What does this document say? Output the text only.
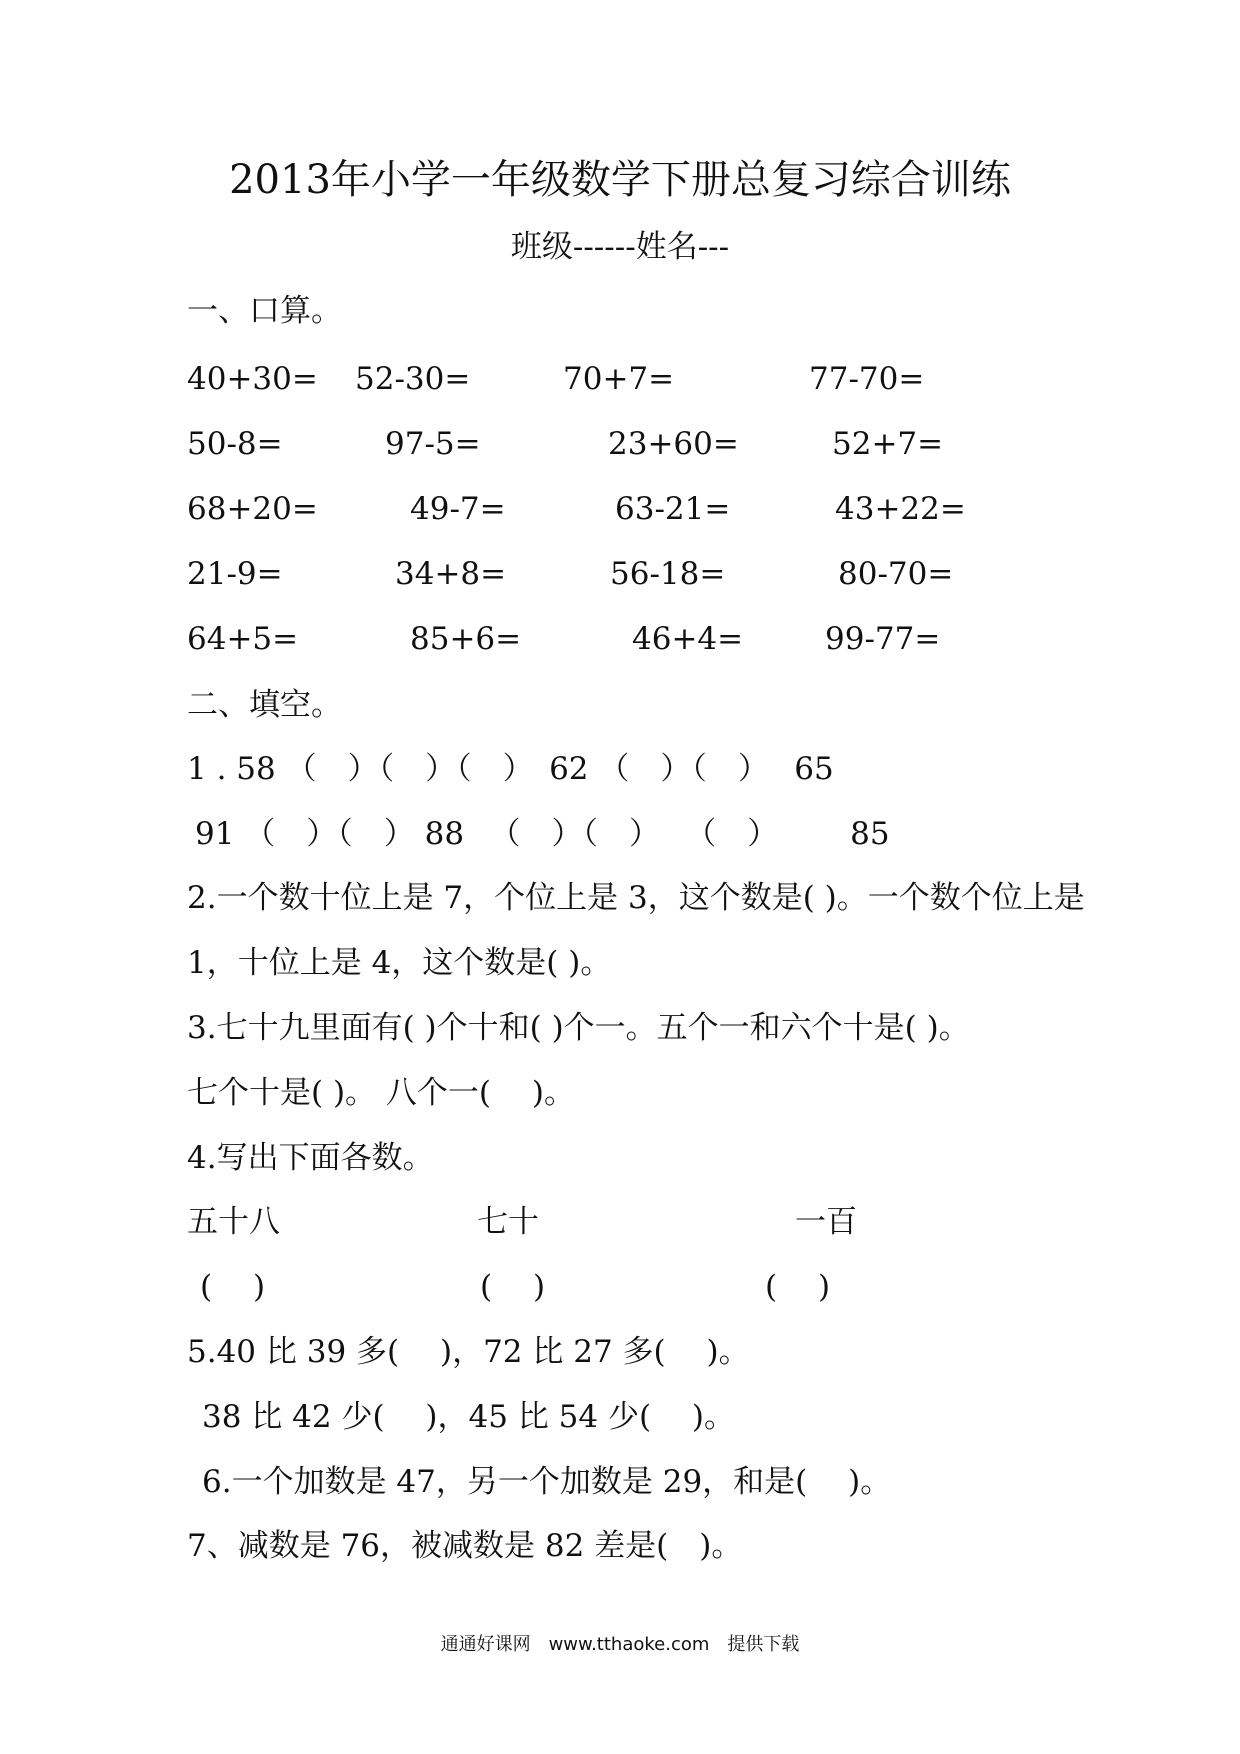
2013年小学一年级数学下册总复习综合训练
班级------姓名---
一、口算。
40+30= 52-30=	70+7=	77-70=
50-8=	97-5=	23+60=	52+7=
68+20=	49-7=	63-21=	43+22=
21-9=	34+8=	56-18=	80-70=
64+5=	85+6=	46+4=	99-77=
二、填空。
1 . 58 （　）（　）（　）　62 （　）（　）　 65
91 （　）（　） 88 　（　）（　） 　（　） 　　85
2.一个数十位上是 7，个位上是 3，这个数是( )。一个数个位上是
1，十位上是 4，这个数是( )。
3.七十九里面有( )个十和( )个一。五个一和六个十是( )。
七个十是( )。 八个一(　 )。
4.写出下面各数。
五十八	七十	一百
(　 )	(　 )	(　 )
5.40 比 39 多(　 )，72 比 27 多(　 )。
38 比 42 少(　 )，45 比 54 少(　 )。
6.一个加数是 47，另一个加数是 29，和是(　 )。
7、减数是 76，被减数是 82 差是(　)。
通通好课网　www.tthaoke.com　提供下载
